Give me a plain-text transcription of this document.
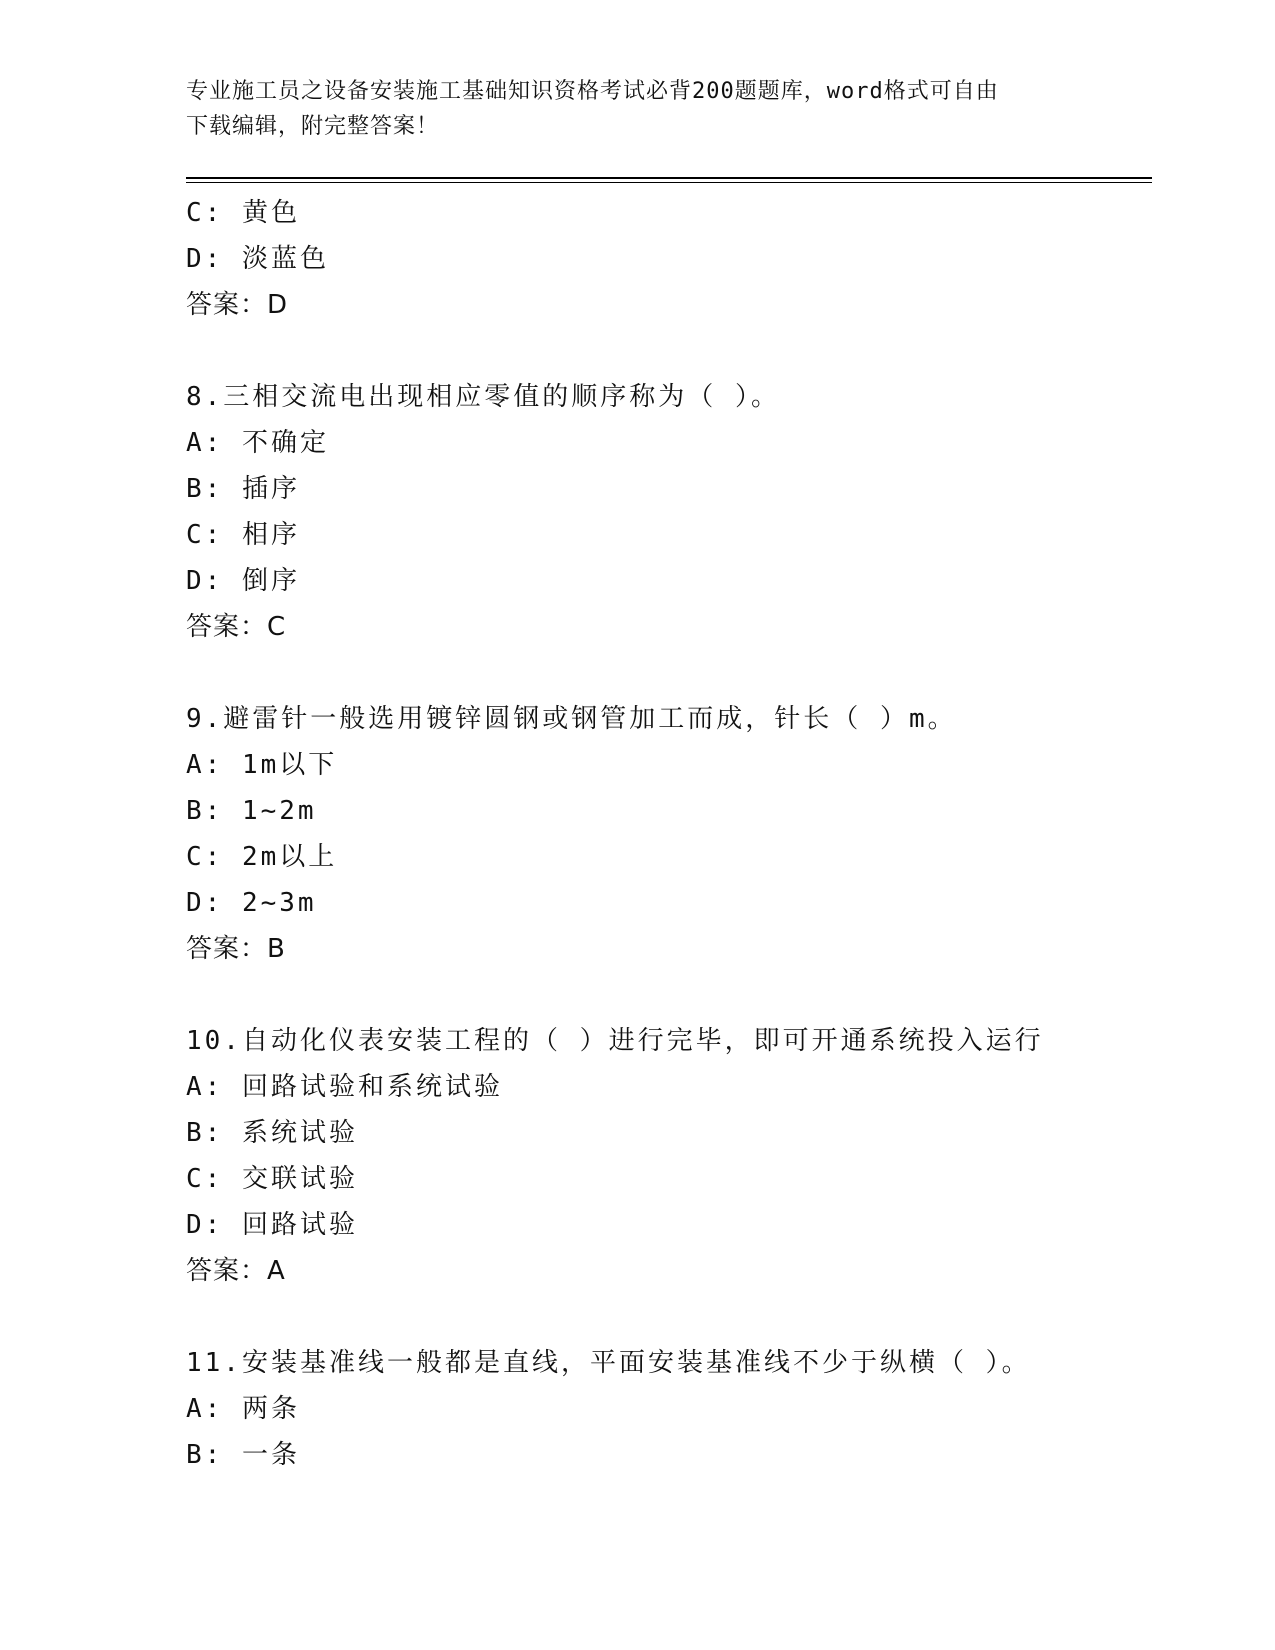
专业施工员之设备安装施工基础知识资格考试必背200题题库，word格式可自由
下载编辑，附完整答案！
C: 黄色
D: 淡蓝色
答案：D
8.三相交流电出现相应零值的顺序称为（ ）。
A: 不确定
B: 插序
C: 相序
D: 倒序
答案：C
9.避雷针一般选用镀锌圆钢或钢管加工而成，针长（ ）m。
A: 1m以下
B: 1~2m
C: 2m以上
D: 2~3m
答案：B
10.自动化仪表安装工程的（ ）进行完毕，即可开通系统投入运行
A: 回路试验和系统试验
B: 系统试验
C: 交联试验
D: 回路试验
答案：A
11.安装基准线一般都是直线，平面安装基准线不少于纵横（ ）。
A: 两条
B: 一条
